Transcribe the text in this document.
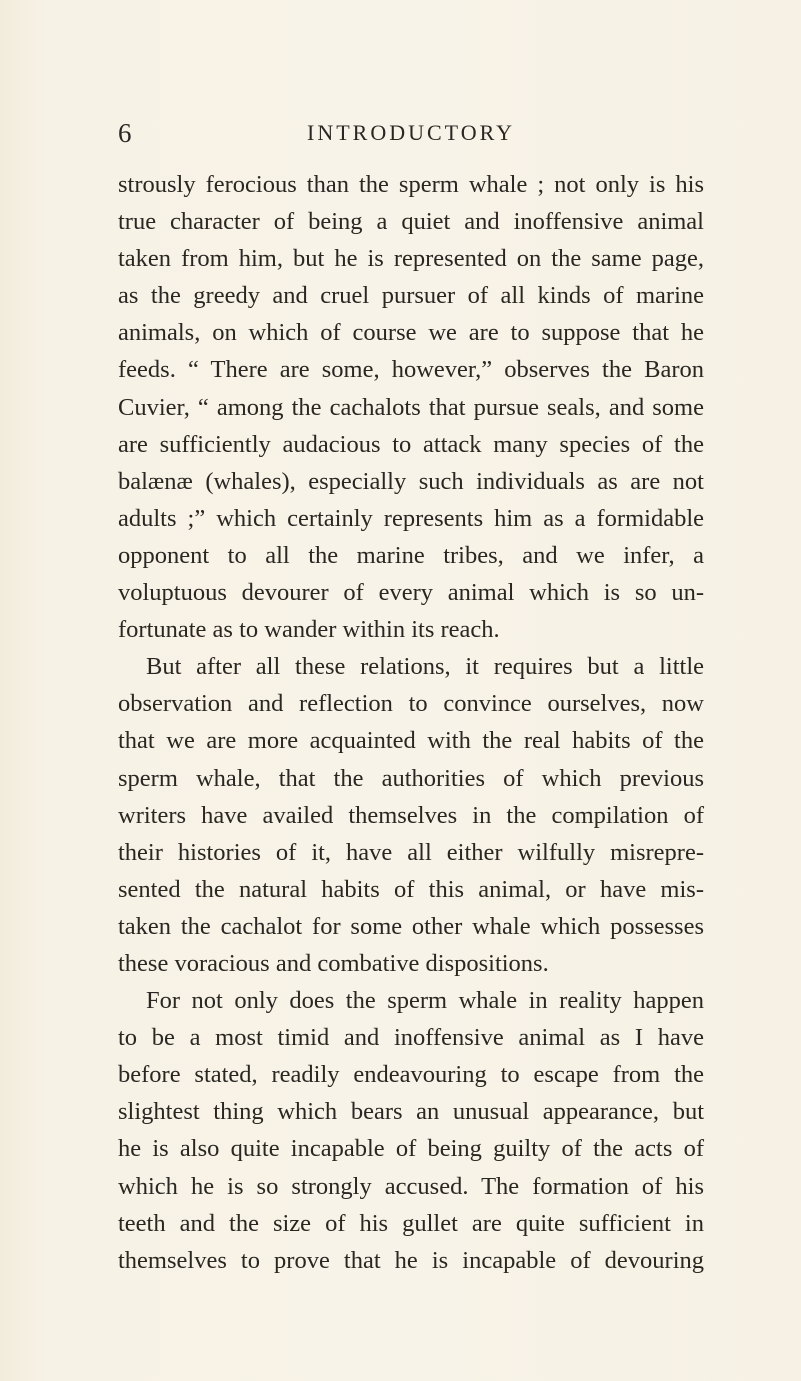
6	INTRODUCTORY
strously ferocious than the sperm whale ; not only is his
true character of being a quiet and inoffensive animal
taken from him, but he is represented on the same page,
as the greedy and cruel pursuer of all kinds of marine
animals, on which of course we are to suppose that he
feeds. “ There are some, however,” observes the Baron
Cuvier, “ among the cachalots that pursue seals, and some
are sufficiently audacious to attack many species of the
balænæ (whales), especially such individuals as are not
adults ;” which certainly represents him as a formidable
opponent to all the marine tribes, and we infer, a
voluptuous devourer of every animal which is so un-
fortunate as to wander within its reach.
But after all these relations, it requires but a little
observation and reflection to convince ourselves, now
that we are more acquainted with the real habits of the
sperm whale, that the authorities of which previous
writers have availed themselves in the compilation of
their histories of it, have all either wilfully misrepre-
sented the natural habits of this animal, or have mis-
taken the cachalot for some other whale which possesses
these voracious and combative dispositions.
For not only does the sperm whale in reality happen
to be a most timid and inoffensive animal as I have
before stated, readily endeavouring to escape from the
slightest thing which bears an unusual appearance, but
he is also quite incapable of being guilty of the acts of
which he is so strongly accused. The formation of his
teeth and the size of his gullet are quite sufficient in
themselves to prove that he is incapable of devouring
